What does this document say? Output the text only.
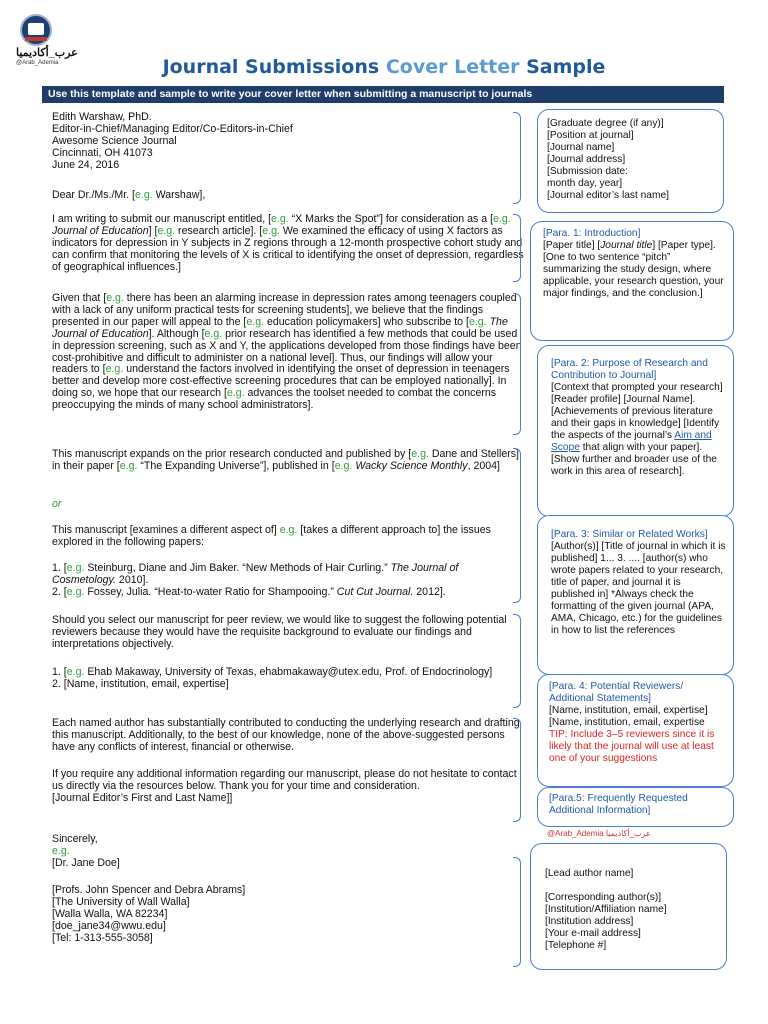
عرب_أكاديميا
@Arab_Ademia	Journal Submissions Cover Letter Sample
Use this template and sample to write your cover letter when submitting a manuscript to journals

Edith Warshaw, PhD.

Editor-in-Chief/Managing Editor/Co-Editors-in-Chief

Awesome Science Journal

Cincinnati, OH 41073

June 24, 2016

Dear Dr./Ms./Mr. [e.g. Warshaw],

I am writing to submit our manuscript entitled, [e.g. “X Marks the Spot”] for consideration as a [e.g. Journal of Education] [e.g. research article]. [e.g. We examined the efficacy of using X factors as indicators for depression in Y subjects in Z regions through a 12-month prospective cohort study and can confirm that monitoring the levels of X is critical to identifying the onset of depression, regardless of geographical influences.]

Given that [e.g. there has been an alarming increase in depression rates among teenagers coupled with a lack of any uniform practical tests for screening students], we believe that the findings presented in our paper will appeal to the [e.g. education policymakers] who subscribe to [e.g. The Journal of Education]. Although [e.g. prior research has identified a few methods that could be used in depression screening, such as X and Y, the applications developed from those findings have been cost-prohibitive and difficult to administer on a national level]. Thus, our findings will allow your readers to [e.g. understand the factors involved in identifying the onset of depression in teenagers better and develop more cost-effective screening procedures that can be employed nationally]. In doing so, we hope that our research [e.g. advances the toolset needed to combat the concerns preoccupying the minds of many school administrators].

This manuscript expands on the prior research conducted and published by [e.g. Dane and Stellers] in their paper [e.g. “The Expanding Universe”], published in [e.g. Wacky Science Monthly, 2004]

or

This manuscript [examines a different aspect of] e.g. [takes a different approach to] the issues explored in the following papers:

1. [e.g. Steinburg, Diane and Jim Baker. “New Methods of Hair Curling.” The Journal of Cosmetology. 2010].

2. [e.g. Fossey, Julia. “Heat-to-water Ratio for Shampooing.” Cut Cut Journal. 2012].

Should you select our manuscript for peer review, we would like to suggest the following potential reviewers because they would have the requisite background to evaluate our findings and interpretations objectively.

1. [e.g. Ehab Makaway, University of Texas, ehabmakaway@utex.edu, Prof. of Endocrinology]

2. [Name, institution, email, expertise]

Each named author has substantially contributed to conducting the underlying research and drafting this manuscript. Additionally, to the best of our knowledge, none of the above-suggested persons have any conflicts of interest, financial or otherwise.

If you require any additional information regarding our manuscript, please do not hesitate to contact us directly via the resources below. Thank you for your time and consideration.

[Journal Editor’s First and Last Name]]

Sincerely,

e.g.

[Dr. Jane Doe]

[Profs. John Spencer and Debra Abrams]

[The University of Wall Walla]

[Walla Walla, WA 82234]

[doe_jane34@wwu.edu]

[Tel: 1-313-555-3058]

[Graduate degree (if any)]
[Position at journal]
[Journal name]
[Journal address]
[Submission date:
month day, year]
[Journal editor’s last name]
[Para. 1: Introduction]
[Paper title] [Journal title] [Paper type].
[One to two sentence “pitch” summarizing the study design, where applicable, your research question, your major findings, and the conclusion.]
[Para. 2: Purpose of Research and Contribution to Journal]
[Context that prompted your research][Reader profile] [Journal Name]. [Achievements of previous literature and their gaps in knowledge] [Identify the aspects of the journal’s Aim and Scope that align with your paper]. [Show further and broader use of the work in this area of research].
[Para. 3: Similar or Related Works]
[Author(s)] [Title of journal in which it is published] 1... 3. .... [author(s) who wrote papers related to your research, title of paper, and journal it is published in] *Always check the formatting of the given journal (APA, AMA, Chicago, etc.) for the guidelines in how to list the references
[Para. 4: Potential Reviewers/ Additional Statements]
[Name, institution, email, expertise]
[Name, institution, email, expertise
TIP: Include 3–5 reviewers since it is likely that the journal will use at least one of your suggestions
[Para.5: Frequently Requested Additional Information]
@Arab_Ademia عرب_أكاديميا
[Lead author name]
[Corresponding author(s)]
[Institution/Affiliation name]
[Institution address]
[Your e-mail address]
[Telephone #]
